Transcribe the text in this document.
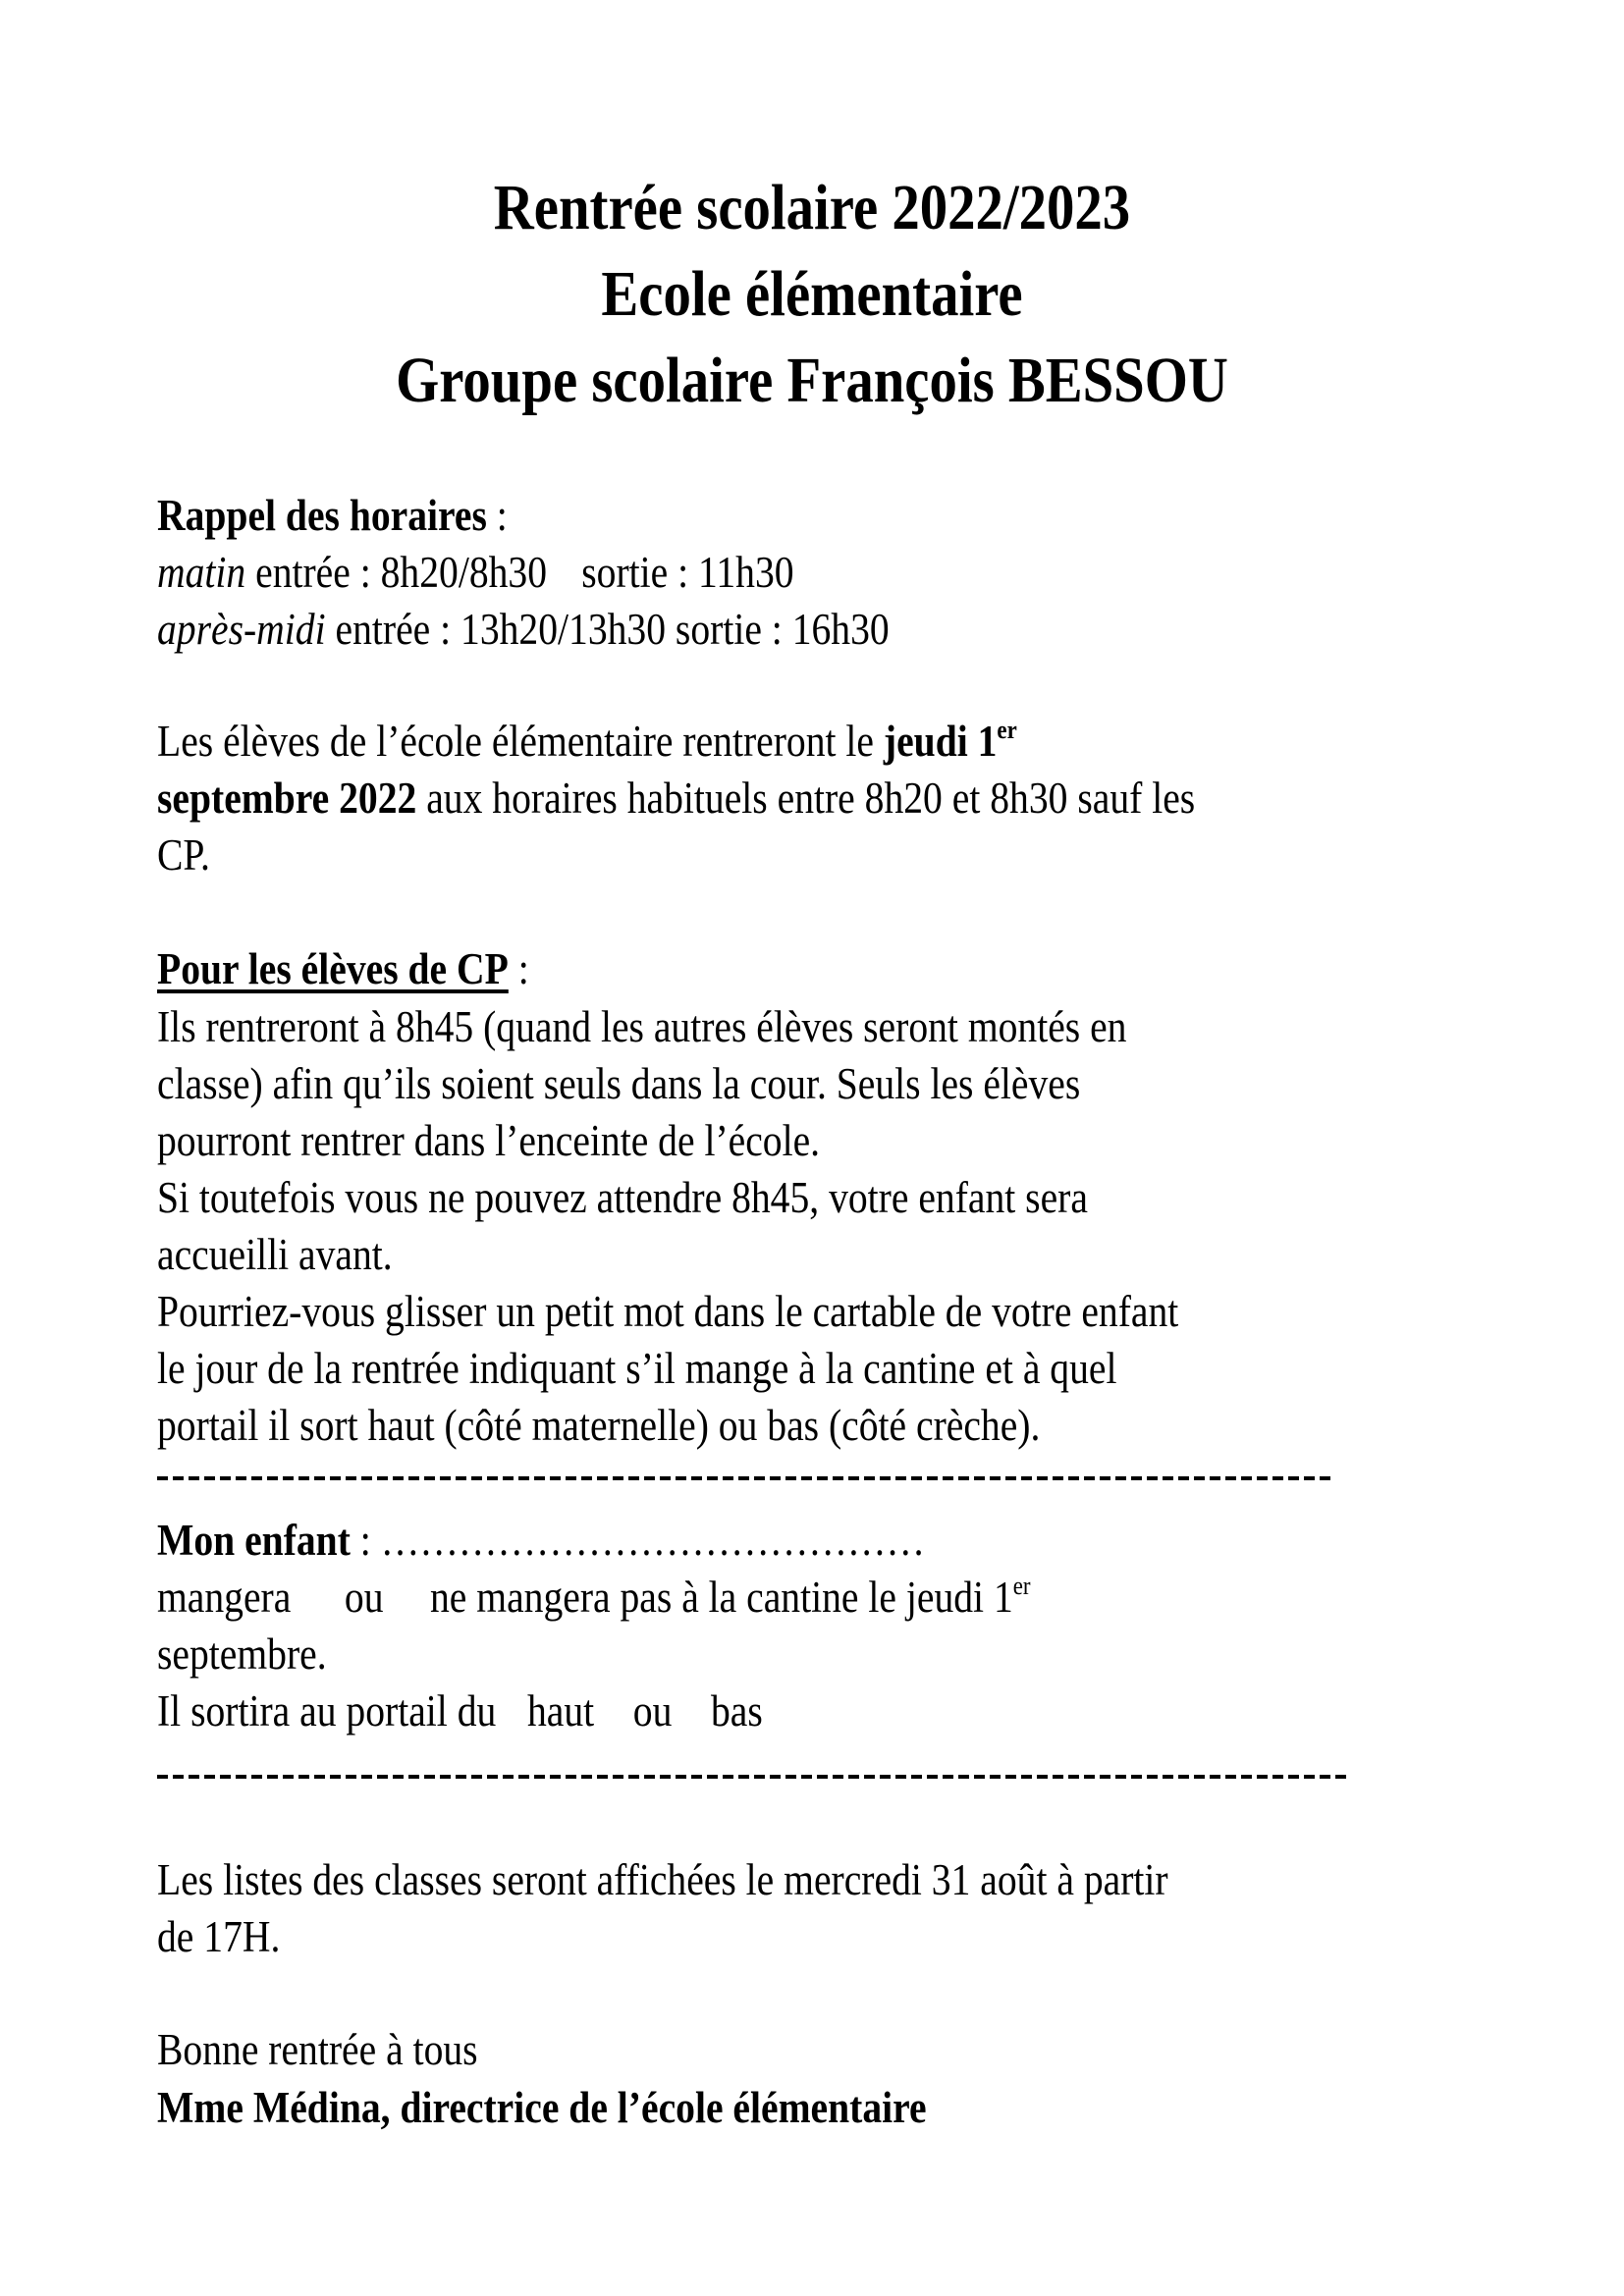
Rentrée scolaire 2022/2023
Ecole élémentaire
Groupe scolaire François BESSOU
Rappel des horaires :
matin entrée : 8h20/8h30 sortie : 11h30
après-midi entrée : 13h20/13h30 sortie : 16h30
Les élèves de l’école élémentaire rentreront le jeudi 1er
septembre 2022 aux horaires habituels entre 8h20 et 8h30 sauf les
CP.
Pour les élèves de CP :
Ils rentreront à 8h45 (quand les autres élèves seront montés en
classe) afin qu’ils soient seuls dans la cour. Seuls les élèves
pourront rentrer dans l’enceinte de l’école.
Si toutefois vous ne pouvez attendre 8h45, votre enfant sera
accueilli avant.
Pourriez-vous glisser un petit mot dans le cartable de votre enfant
le jour de la rentrée indiquant s’il mange à la cantine et à quel
portail il sort haut (côté maternelle) ou bas (côté crèche).
Mon enfant : ……………………………………
mangera ou ne mangera pas à la cantine le jeudi 1er
septembre.
Il sortira au portail du haut ou bas
Les listes des classes seront affichées le mercredi 31 août à partir
de 17H.
Bonne rentrée à tous
Mme Médina, directrice de l’école élémentaire
